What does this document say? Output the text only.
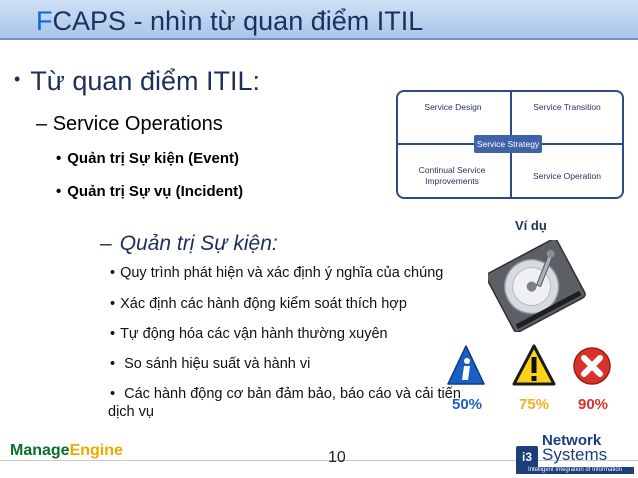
FCAPS - nhìn từ quan điểm ITIL
• Từ quan điểm ITIL:
– Service Operations
• Quản trị Sự kiện (Event)
• Quản trị Sự vụ (Incident)
– Quản trị Sự kiện:
• Quy trình phát hiện và xác định ý nghĩa của chúng
• Xác định các hành động kiểm soát thích hợp
• Tự động hóa các vận hành thường xuyên
• So sánh hiệu suất và hành vi
• Các hành động cơ bản đảm bảo, báo cáo và cải tiến
dịch vụ
Service Design	Service Transition
Continual Service Improvements	Service Operation
Service Strategy
Ví dụ
50% 75% 90%
ManageEngine	10	i3
Network
Systems
Intelligent Integration of Information
